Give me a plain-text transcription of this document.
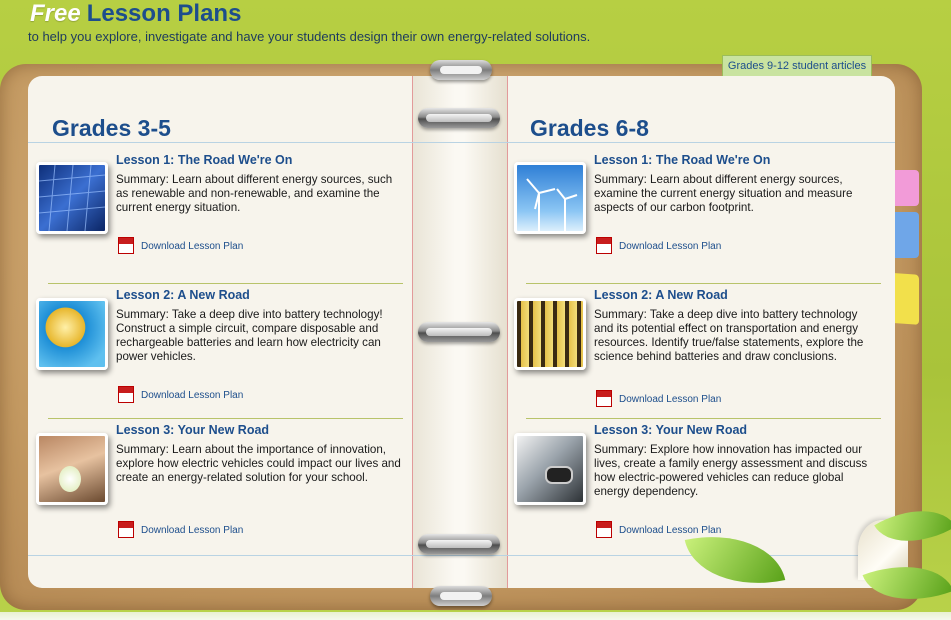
Free Lesson Plans
to help you explore, investigate and have your students design their own energy-related solutions.
Grades 9-12 student articles
Grades 3-5
Lesson 1: The Road We're On
Summary: Learn about different energy sources, such as renewable and non-renewable, and examine the current energy situation.
Download Lesson Plan
Lesson 2: A New Road
Summary: Take a deep dive into battery technology! Construct a simple circuit, compare disposable and rechargeable batteries and learn how electricity can power vehicles.
Download Lesson Plan
Lesson 3: Your New Road
Summary: Learn about the importance of innovation, explore how electric vehicles could impact our lives and create an energy-related solution for your school.
Download Lesson Plan
Grades 6-8
Lesson 1: The Road We're On
Summary: Learn about different energy sources, examine the current energy situation and measure aspects of our carbon footprint.
Download Lesson Plan
Lesson 2: A New Road
Summary: Take a deep dive into battery technology and its potential effect on transportation and energy resources. Identify true/false statements, explore the science behind batteries and draw conclusions.
Download Lesson Plan
Lesson 3: Your New Road
Summary: Explore how innovation has impacted our lives, create a family energy assessment and discuss how electric-powered vehicles can reduce global energy dependency.
Download Lesson Plan
